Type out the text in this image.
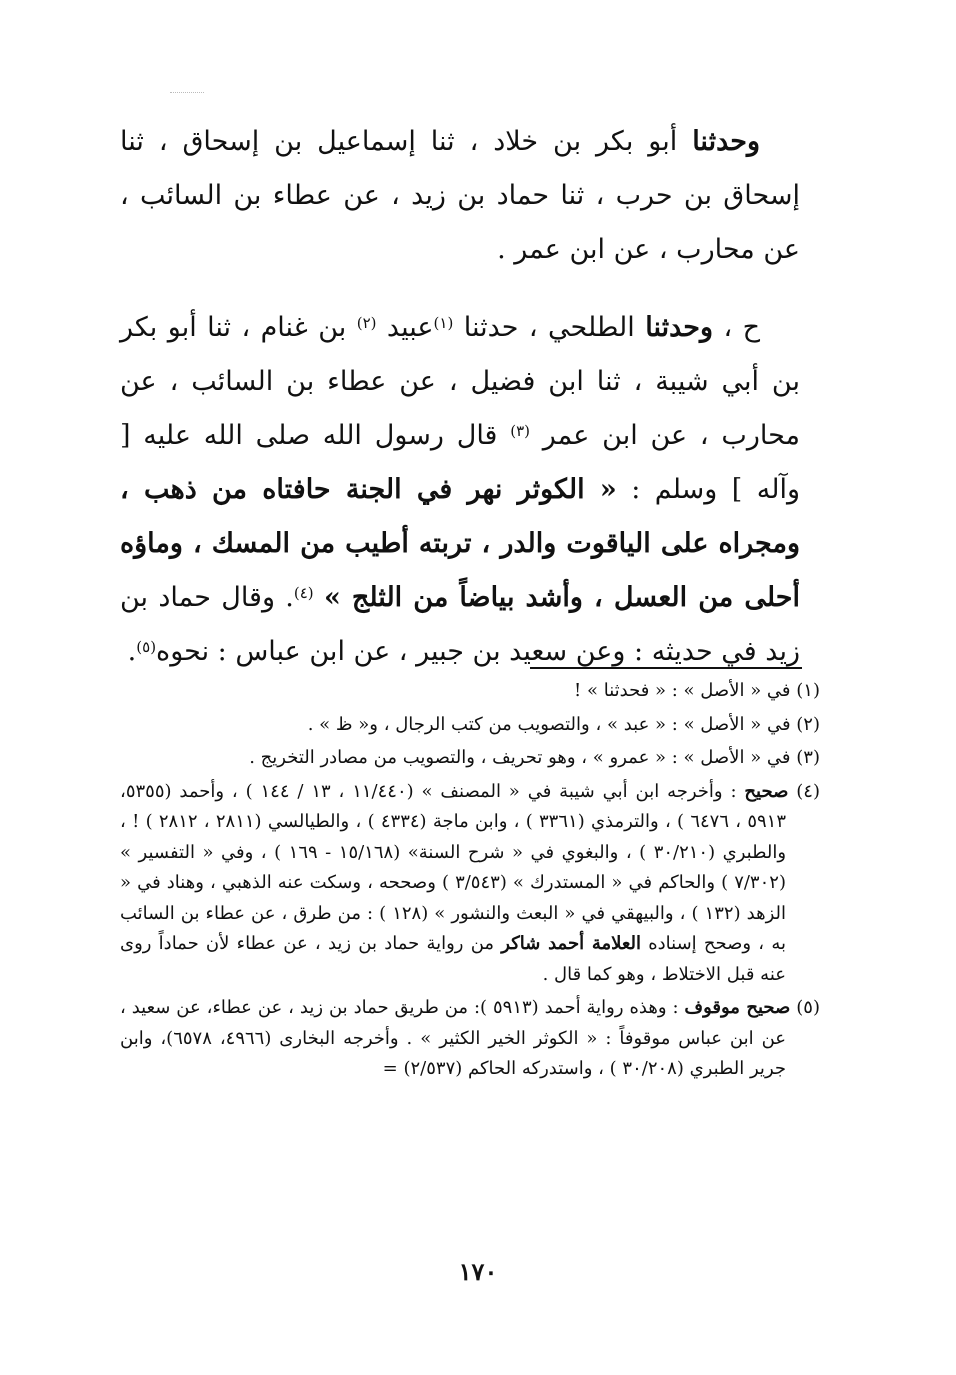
وحدثنا أبو بكر بن خلاد ، ثنا إسماعيل بن إسحاق ، ثنا إسحاق بن حرب ، ثنا حماد بن زيد ، عن عطاء بن السائب ، عن محارب ، عن ابن عمر .

ح ، وحدثنا الطلحي ، حدثنا $^{(١)}$عبيد $^{(٢)}$ بن غنام ، ثنا أبو بكر بن أبي شيبة ، ثنا ابن فضيل ، عن عطاء بن السائب ، عن محارب ، عن ابن عمر $^{(٣)}$ قال رسول الله صلى الله عليه [ وآله ] وسلم : « الكوثر نهر في الجنة حافتاه من ذهب ، ومجراه على الياقوت والدر ، تربته أطيب من المسك ، وماؤه أحلى من العسل ، وأشد بياضاً من الثلج » $^{(٤)}$. وقال حماد بن زيد في حديثه : وعن سعيد بن جبير ، عن ابن عباس : نحوه$^{(٥)}$.

(١) في « الأصل » : « فحدثنا » !

(٢) في « الأصل » : « عبد » ، والتصويب من كتب الرجال ، و« ظ » .

(٣) في « الأصل » : « عمرو » ، وهو تحريف ، والتصويب من مصادر التخريج .

(٤) صحيح : وأخرجه ابن أبي شيبة في « المصنف » (١١/٤٤٠ ، ١٣ / ١٤٤ ) ، وأحمد (٥٣٥٥، ٥٩١٣ ، ٦٤٧٦ ) ، والترمذي (٣٣٦١ ) ، وابن ماجة (٤٣٣٤ ) ، والطيالسي (٢٨١١ ، ٢٨١٢ ) ! ، والطبري (٣٠/٢١٠ ) ، والبغوي في « شرح السنة» (١٥/١٦٨ - ١٦٩ ) ، وفي « التفسير » (٧/٣٠٢ ) والحاكم في « المستدرك » (٣/٥٤٣ ) وصححه ، وسكت عنه الذهبي ، وهناد في « الزهد (١٣٢ ) ، والبيهقي في « البعث والنشور » (١٢٨ ) : من طرق ، عن عطاء بن السائب به ، وصحح إسناده العلامة أحمد شاكر من رواية حماد بن زيد ، عن عطاء لأن حماداً روى عنه قبل الاختلاط ، وهو كما قال .

(٥) صحيح موقوف : وهذه رواية أحمد (٥٩١٣ ): من طريق حماد بن زيد ، عن عطاء، عن سعيد ، عن ابن عباس موقوفاً : « الكوثر الخير الكثير » . وأخرجه البخارى (٤٩٦٦، ٦٥٧٨)، وابن جرير الطبري (٣٠/٢٠٨ ) ، واستدركه الحاكم (٢/٥٣٧) =

١٧٠
